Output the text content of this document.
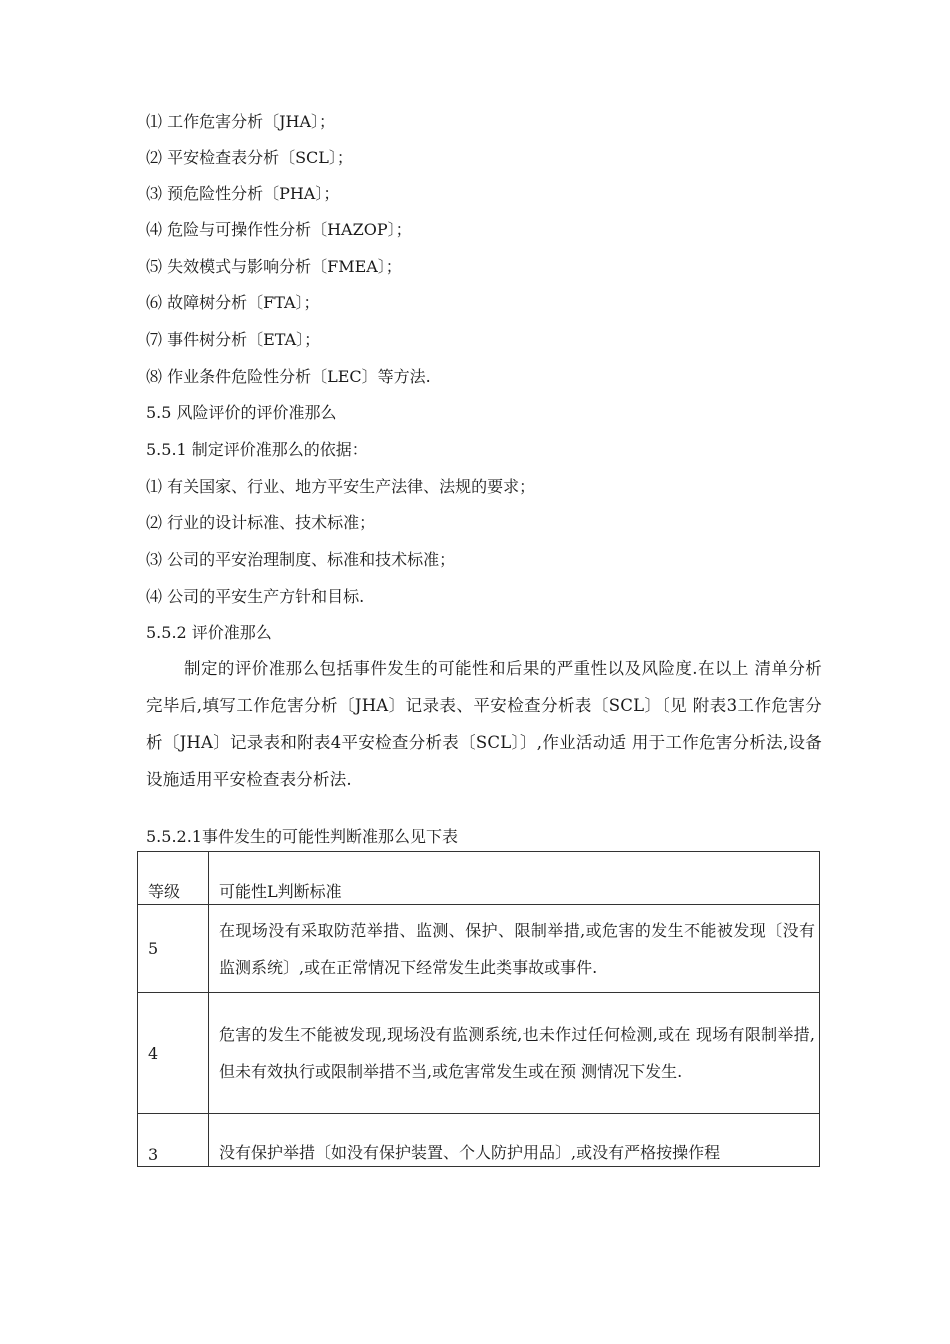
⑴ 工作危害分析〔JHA〕；
⑵ 平安检查表分析〔SCL〕；
⑶ 预危险性分析〔PHA〕；
⑷ 危险与可操作性分析〔HAZOP〕；
⑸ 失效模式与影响分析〔FMEA〕；
⑹ 故障树分析〔FTA〕；
⑺ 事件树分析〔ETA〕；
⑻ 作业条件危险性分析〔LEC〕等方法.
5.5 风险评价的评价准那么
5.5.1 制定评价准那么的依据：
⑴ 有关国家、行业、地方平安生产法律、法规的要求；
⑵ 行业的设计标准、技术标准；
⑶ 公司的平安治理制度、标准和技术标准；
⑷ 公司的平安生产方针和目标.
5.5.2 评价准那么
制定的评价准那么包括事件发生的可能性和后果的严重性以及风险度.在以上 清单分析完毕后,填写工作危害分析〔JHA〕记录表、平安检查分析表〔SCL〕〔见 附表3工作危害分析〔JHA〕记录表和附表4平安检查分析表〔SCL〕〕,作业活动适 用于工作危害分析法,设备设施适用平安检查表分析法.
5.5.2.1事件发生的可能性判断准那么见下表
等级	可能性L判断标准
5	在现场没有采取防范举措、监测、保护、限制举措,或危害的发生不能被发现〔没有监测系统〕,或在正常情况下经常发生此类事故或事件.
4	危害的发生不能被发现,现场没有监测系统,也未作过任何检测,或在 现场有限制举措,但未有效执行或限制举措不当,或危害常发生或在预 测情况下发生.
3	没有保护举措〔如没有保护装置、个人防护用品〕,或没有严格按操作程
